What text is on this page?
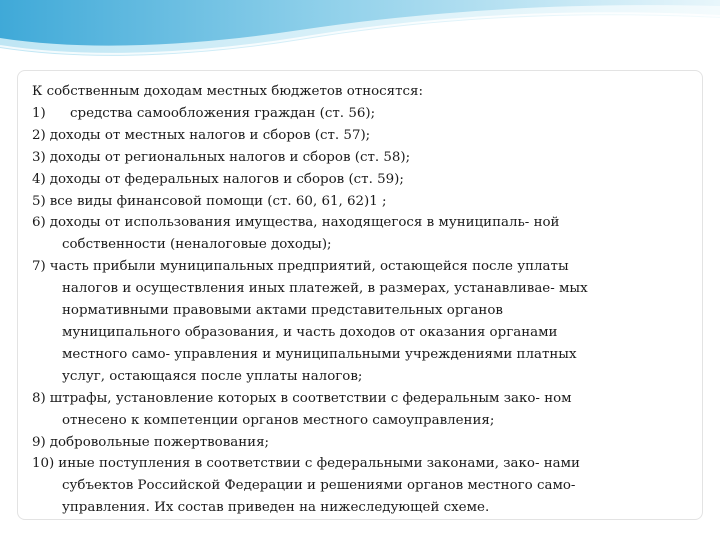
К собственным доходам местных бюджетов относятся:

1)	средства самообложения граждан (ст. 56);
2) доходы от местных налогов и сборов (ст. 57);
3) доходы от региональных налогов и сборов (ст. 58);
4) доходы от федеральных налогов и сборов (ст. 59);
5) все виды финансовой помощи (ст. 60, 61, 62)1 ;
6) доходы от использования имущества, находящегося в муниципаль- ной
собственности (неналоговые доходы);
7) часть прибыли муниципальных предприятий, остающейся после уплаты
налогов и осуществления иных платежей, в размерах, устанавливае- мых
нормативными правовыми актами представительных органов
муниципального образования, и часть доходов от оказания органами
местного само- управления и муниципальными учреждениями платных
услуг, остающаяся после уплаты налогов;
8) штрафы, установление которых в соответствии с федеральным зако- ном
отнесено к компетенции органов местного самоуправления;
9) добровольные пожертвования;
10) иные поступления в соответствии с федеральными законами, зако- нами
субъектов Российской Федерации и решениями органов местного само-
управления. Их состав приведен на нижеследующей схеме.
